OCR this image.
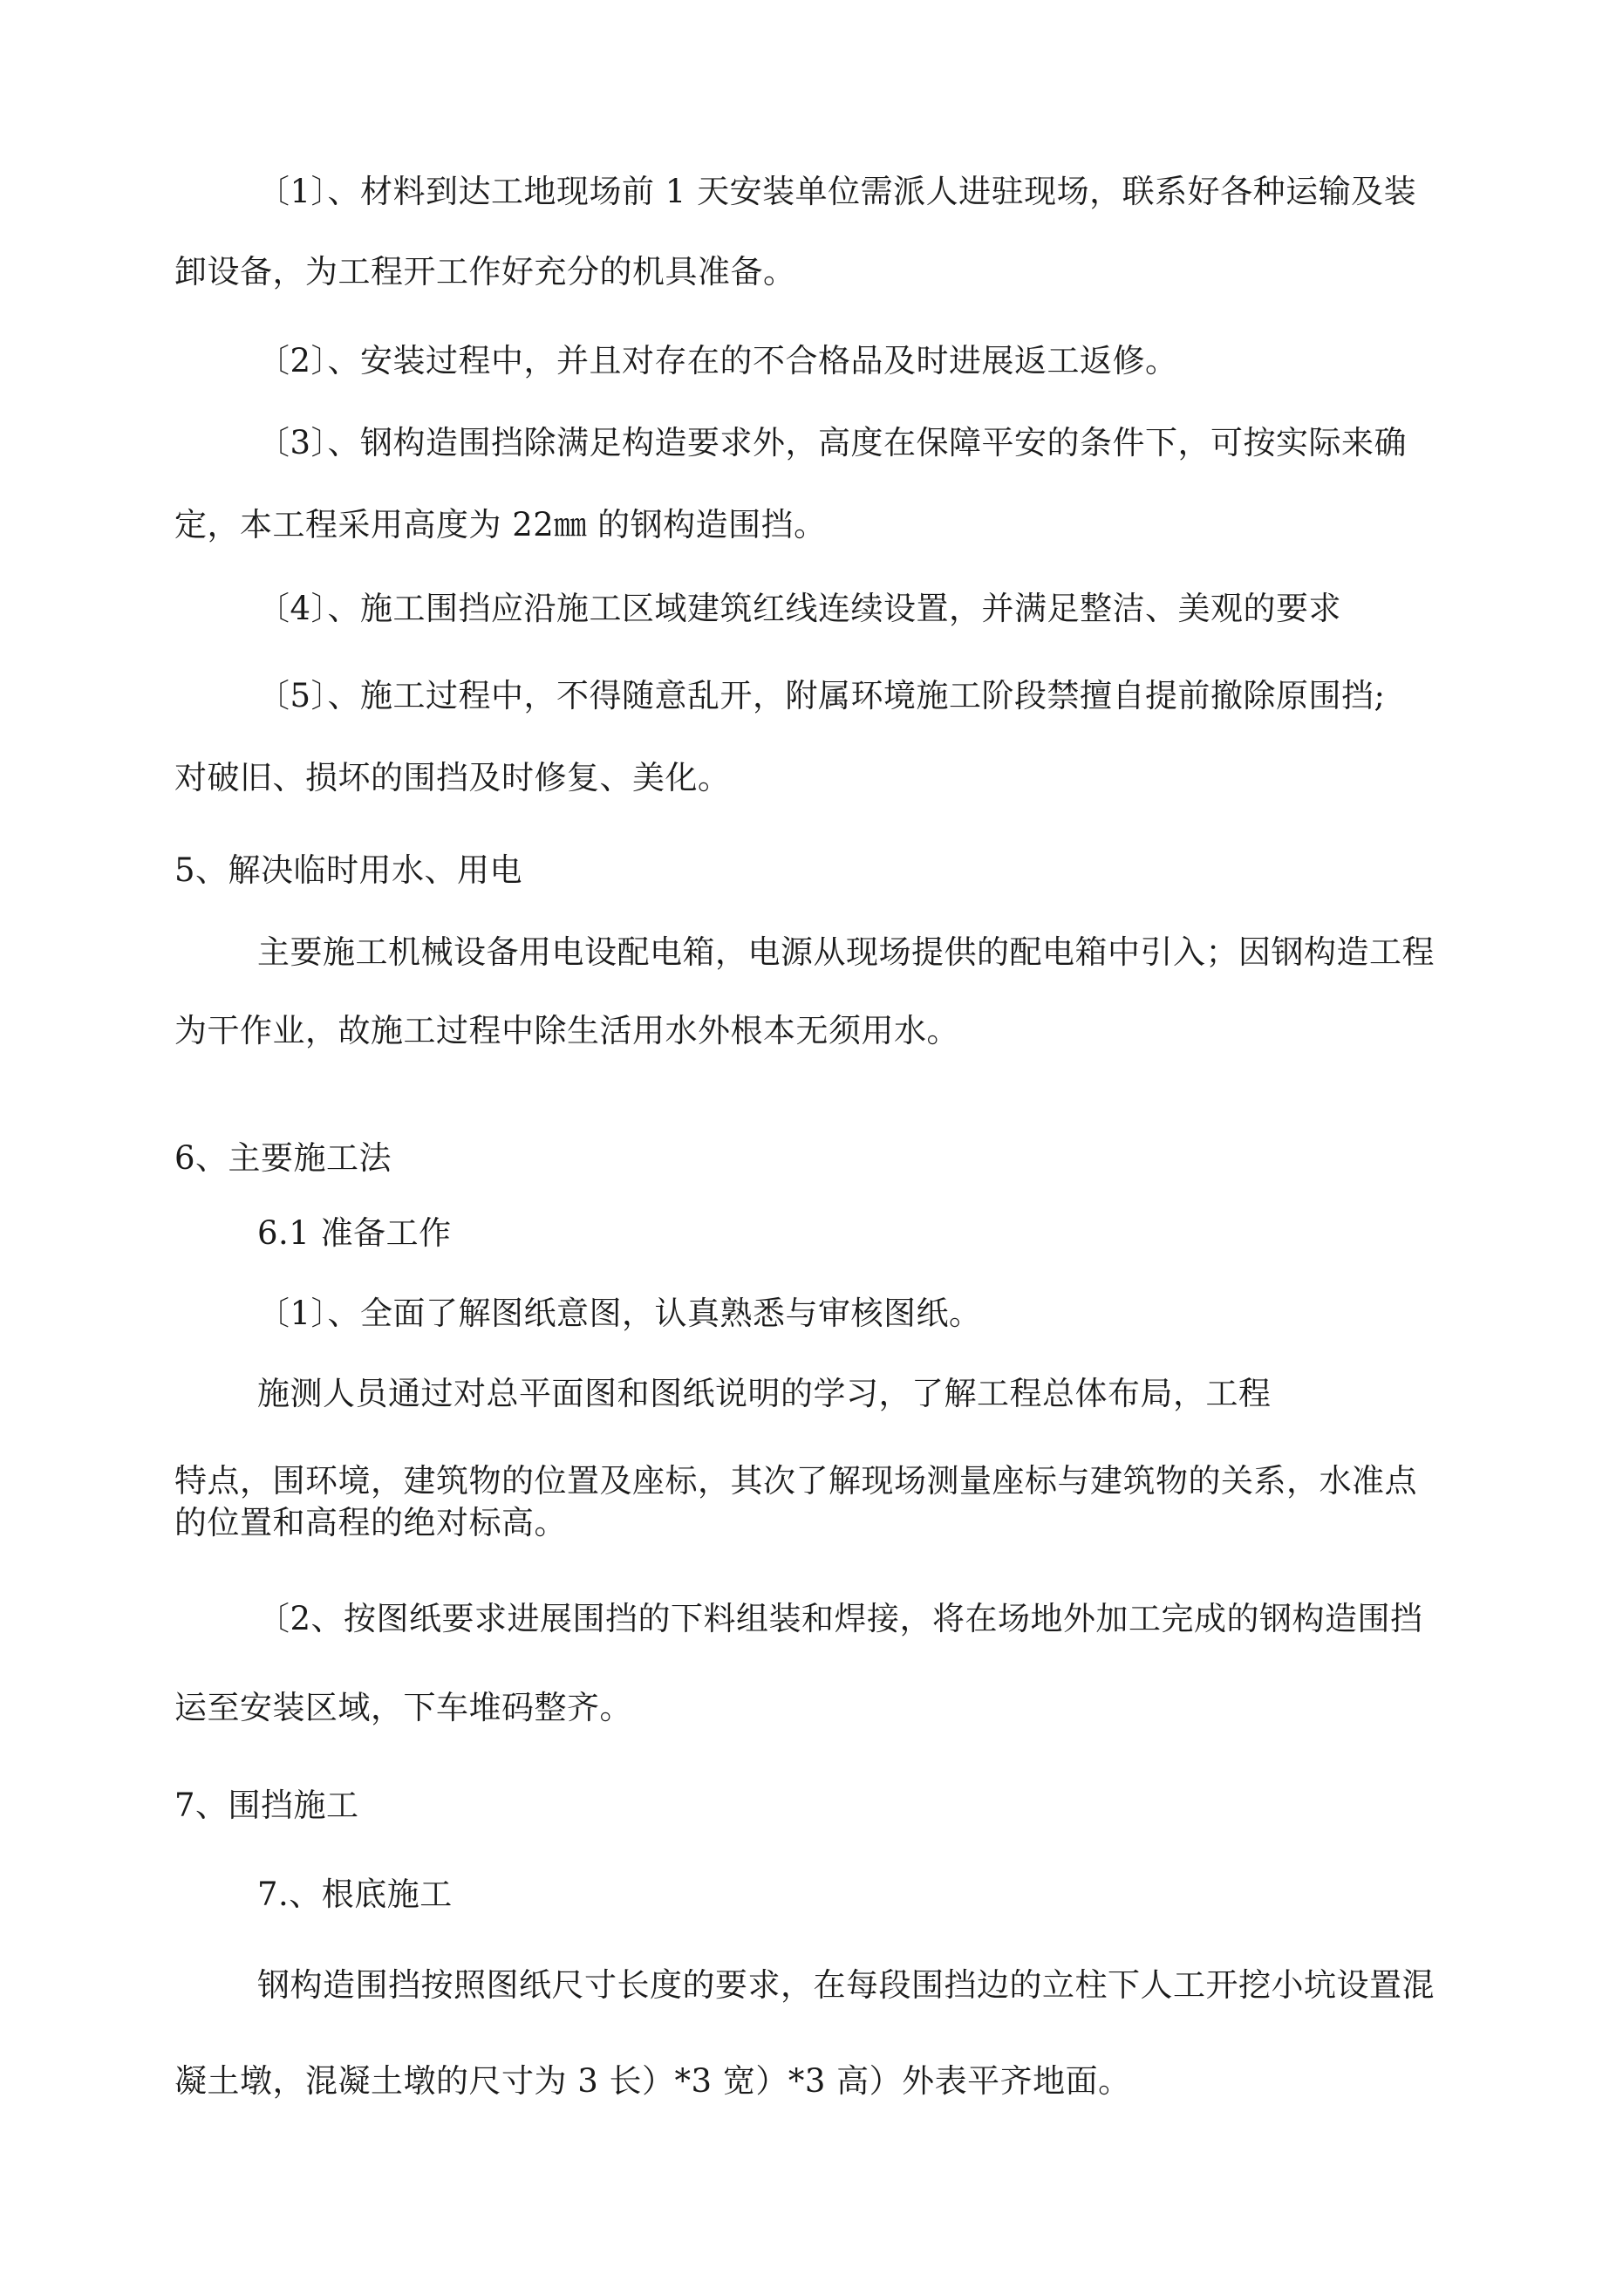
〔1〕、材料到达工地现场前 1 天安装单位需派人进驻现场，联系好各种运输及装
卸设备，为工程开工作好充分的机具准备。
〔2〕、安装过程中，并且对存在的不合格品及时进展返工返修。
〔3〕、钢构造围挡除满足构造要求外，高度在保障平安的条件下，可按实际来确
定，本工程采用高度为 22㎜ 的钢构造围挡。
〔4〕、施工围挡应沿施工区域建筑红线连续设置，并满足整洁、美观的要求
〔5〕、施工过程中，不得随意乱开，附属环境施工阶段禁擅自提前撤除原围挡;
对破旧、损坏的围挡及时修复、美化。
5、解决临时用水、用电
主要施工机械设备用电设配电箱，电源从现场提供的配电箱中引入；因钢构造工程
为干作业，故施工过程中除生活用水外根本无须用水。
6、主要施工法
6.1 准备工作
〔1〕、全面了解图纸意图，认真熟悉与审核图纸。
施测人员通过对总平面图和图纸说明的学习，了解工程总体布局，工程
特点，围环境，建筑物的位置及座标，其次了解现场测量座标与建筑物的关系，水准点
的位置和高程的绝对标高。
〔2、按图纸要求进展围挡的下料组装和焊接，将在场地外加工完成的钢构造围挡
运至安装区域，下车堆码整齐。
7、围挡施工
7.、根底施工
钢构造围挡按照图纸尺寸长度的要求，在每段围挡边的立柱下人工开挖小坑设置混
凝土墩，混凝土墩的尺寸为 3 长）*3 宽）*3 高）外表平齐地面。
